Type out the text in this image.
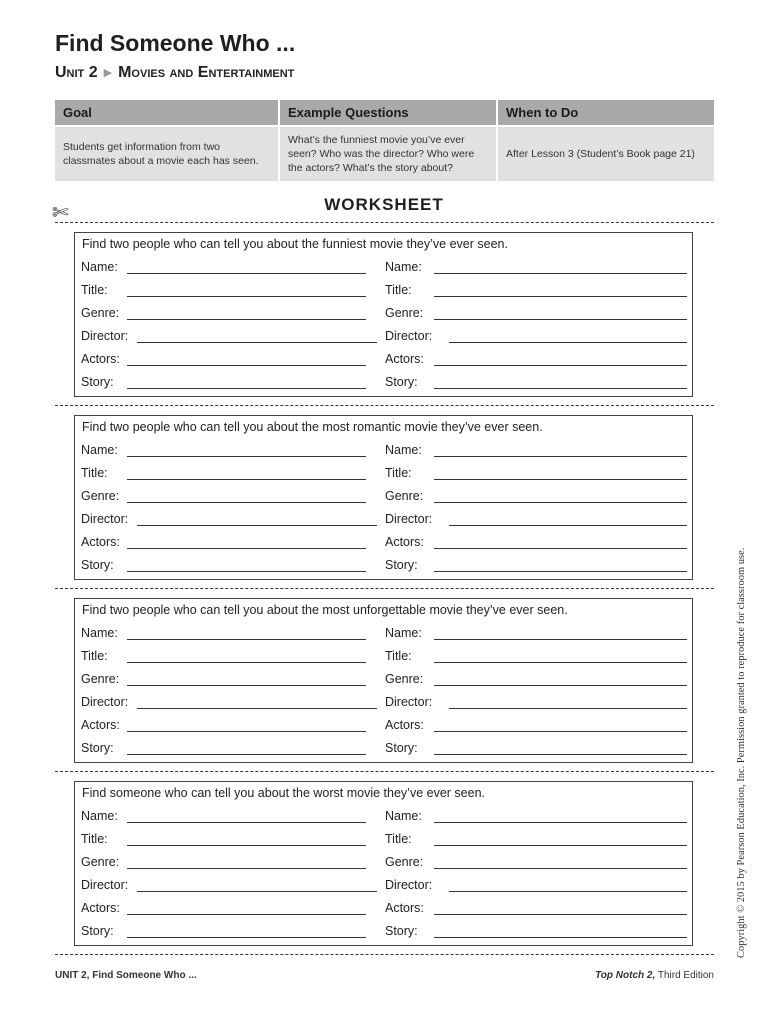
Find Someone Who ...
Unit 2 ▶ Movies and Entertainment
Goal	Example Questions	When to Do
Students get information from two classmates about a movie each has seen.	What’s the funniest movie you’ve ever seen? Who was the director? Who were the actors? What’s the story about?	After Lesson 3 (Student’s Book page 21)
✄	WORKSHEET
Find two people who can tell you about the funniest movie they’ve ever seen.
Name:	Name:
Title:	Title:
Genre:	Genre:
Director:	Director:
Actors:	Actors:
Story:	Story:
Find two people who can tell you about the most romantic movie they’ve ever seen.
Name:	Name:
Title:	Title:
Genre:	Genre:
Director:	Director:
Actors:	Actors:
Story:	Story:
Find two people who can tell you about the most unforgettable movie they’ve ever seen.
Name:	Name:
Title:	Title:
Genre:	Genre:
Director:	Director:
Actors:	Actors:
Story:	Story:
Find someone who can tell you about the worst movie they’ve ever seen.
Name:	Name:
Title:	Title:
Genre:	Genre:
Director:	Director:
Actors:	Actors:
Story:	Story:	Copyright © 2015 by Pearson Education, Inc. Permission granted to reproduce for classroom use.
UNIT 2, Find Someone Who ...	Top Notch 2, Third Edition
